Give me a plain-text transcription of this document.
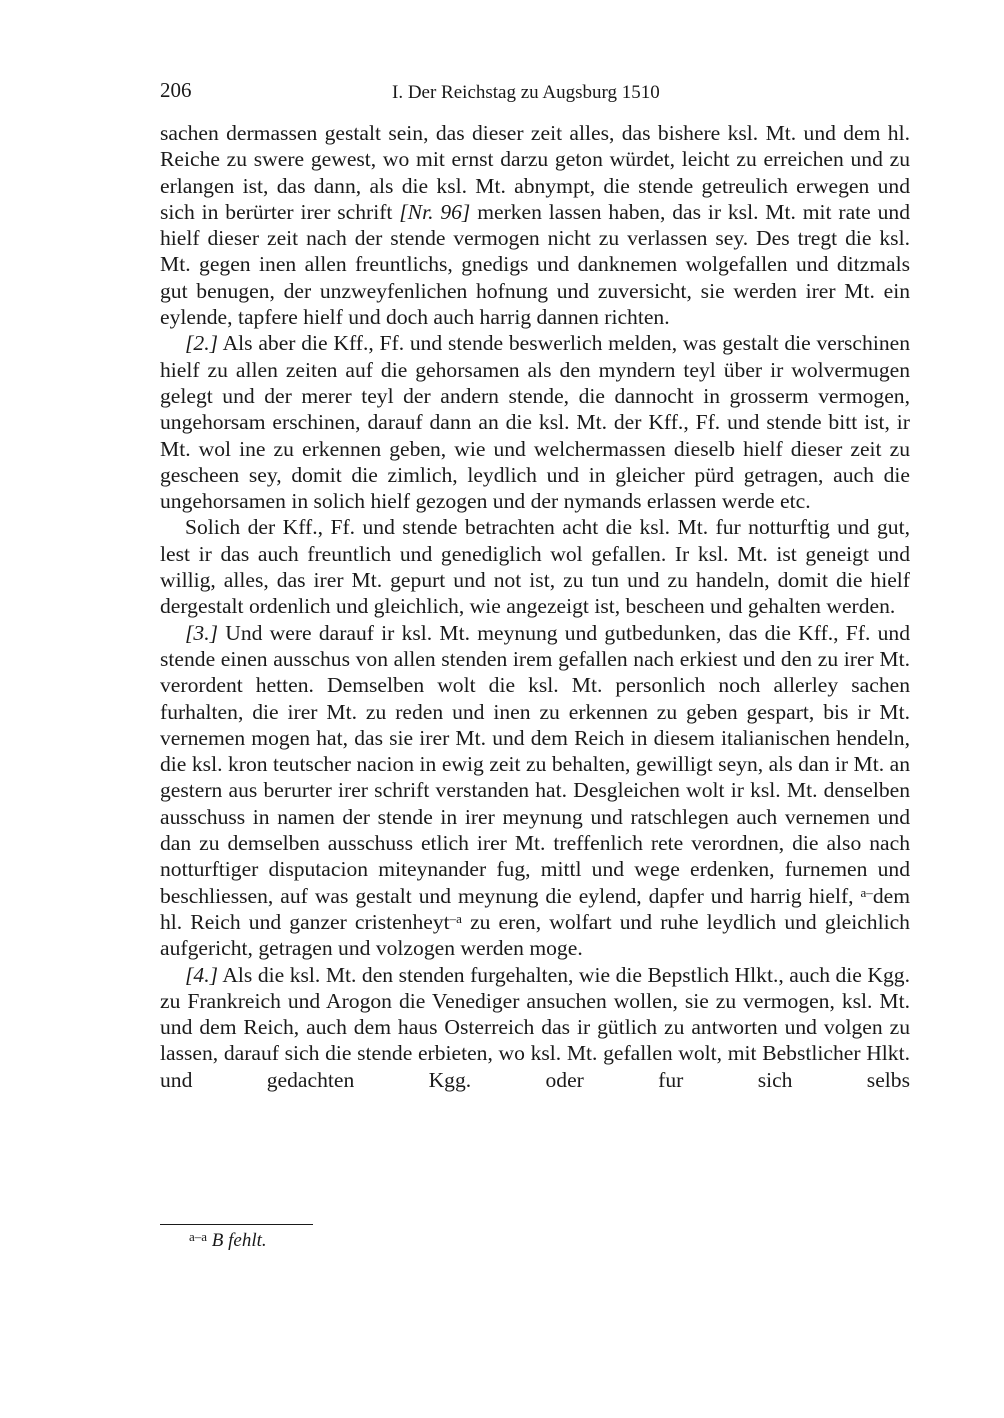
206	I. Der Reichstag zu Augsburg 1510

sachen dermassen gestalt sein, das dieser zeit alles, das bishere ksl. Mt. und dem hl. Reiche zu swere gewest, wo mit ernst darzu geton würdet, leicht zu erreichen und zu erlangen ist, das dann, als die ksl. Mt. abnympt, die stende getreulich erwegen und sich in berürter irer schrift [Nr. 96] merken lassen haben, das ir ksl. Mt. mit rate und hielf dieser zeit nach der stende vermogen nicht zu verlassen sey. Des tregt die ksl. Mt. gegen inen allen freuntlichs, gnedigs und danknemen wolgefallen und ditzmals gut benugen, der unzweyfenlichen hofnung und zuversicht, sie werden irer Mt. ein eylende, tapfere hielf und doch auch harrig dannen richten.

[2.] Als aber die Kff., Ff. und stende beswerlich melden, was gestalt die verschinen hielf zu allen zeiten auf die gehorsamen als den myndern teyl über ir wolvermugen gelegt und der merer teyl der andern stende, die dannocht in grosserm vermogen, ungehorsam erschinen, darauf dann an die ksl. Mt. der Kff., Ff. und stende bitt ist, ir Mt. wol ine zu erkennen geben, wie und welchermassen dieselb hielf dieser zeit zu gescheen sey, domit die zimlich, leydlich und in gleicher pürd getragen, auch die ungehorsamen in solich hielf gezogen und der nymands erlassen werde etc.

Solich der Kff., Ff. und stende betrachten acht die ksl. Mt. fur notturftig und gut, lest ir das auch freuntlich und genediglich wol gefallen. Ir ksl. Mt. ist geneigt und willig, alles, das irer Mt. gepurt und not ist, zu tun und zu handeln, domit die hielf dergestalt ordenlich und gleichlich, wie angezeigt ist, bescheen und gehalten werden.

[3.] Und were darauf ir ksl. Mt. meynung und gutbedunken, das die Kff., Ff. und stende einen ausschus von allen stenden irem gefallen nach erkiest und den zu irer Mt. verordent hetten. Demselben wolt die ksl. Mt. personlich noch allerley sachen furhalten, die irer Mt. zu reden und inen zu erkennen zu geben gespart, bis ir Mt. vernemen mogen hat, das sie irer Mt. und dem Reich in diesem italianischen hendeln, die ksl. kron teutscher nacion in ewig zeit zu behalten, gewilligt seyn, als dan ir Mt. an gestern aus berurter irer schrift verstanden hat. Desgleichen wolt ir ksl. Mt. denselben ausschuss in namen der stende in irer meynung und ratschlegen auch vernemen und dan zu demselben ausschuss etlich irer Mt. treffenlich rete verordnen, die also nach notturftiger disputacion miteynander fug, mittl und wege erdenken, furnemen und beschliessen, auf was gestalt und meynung die eylend, dapfer und harrig hielf, $^{a-}$dem hl. Reich und ganzer cristenheyt$^{-a}$ zu eren, wolfart und ruhe leydlich und gleichlich aufgericht, getragen und volzogen werden moge.

[4.] Als die ksl. Mt. den stenden furgehalten, wie die Bepstlich Hlkt., auch die Kgg. zu Frankreich und Arogon die Venediger ansuchen wollen, sie zu vermogen, ksl. Mt. und dem Reich, auch dem haus Osterreich das ir gütlich zu antworten und volgen zu lassen, darauf sich die stende erbieten, wo ksl. Mt. gefallen wolt, mit Bebstlicher Hlkt. und gedachten Kgg. oder fur sich selbs

$^{a-a}$ B fehlt.
